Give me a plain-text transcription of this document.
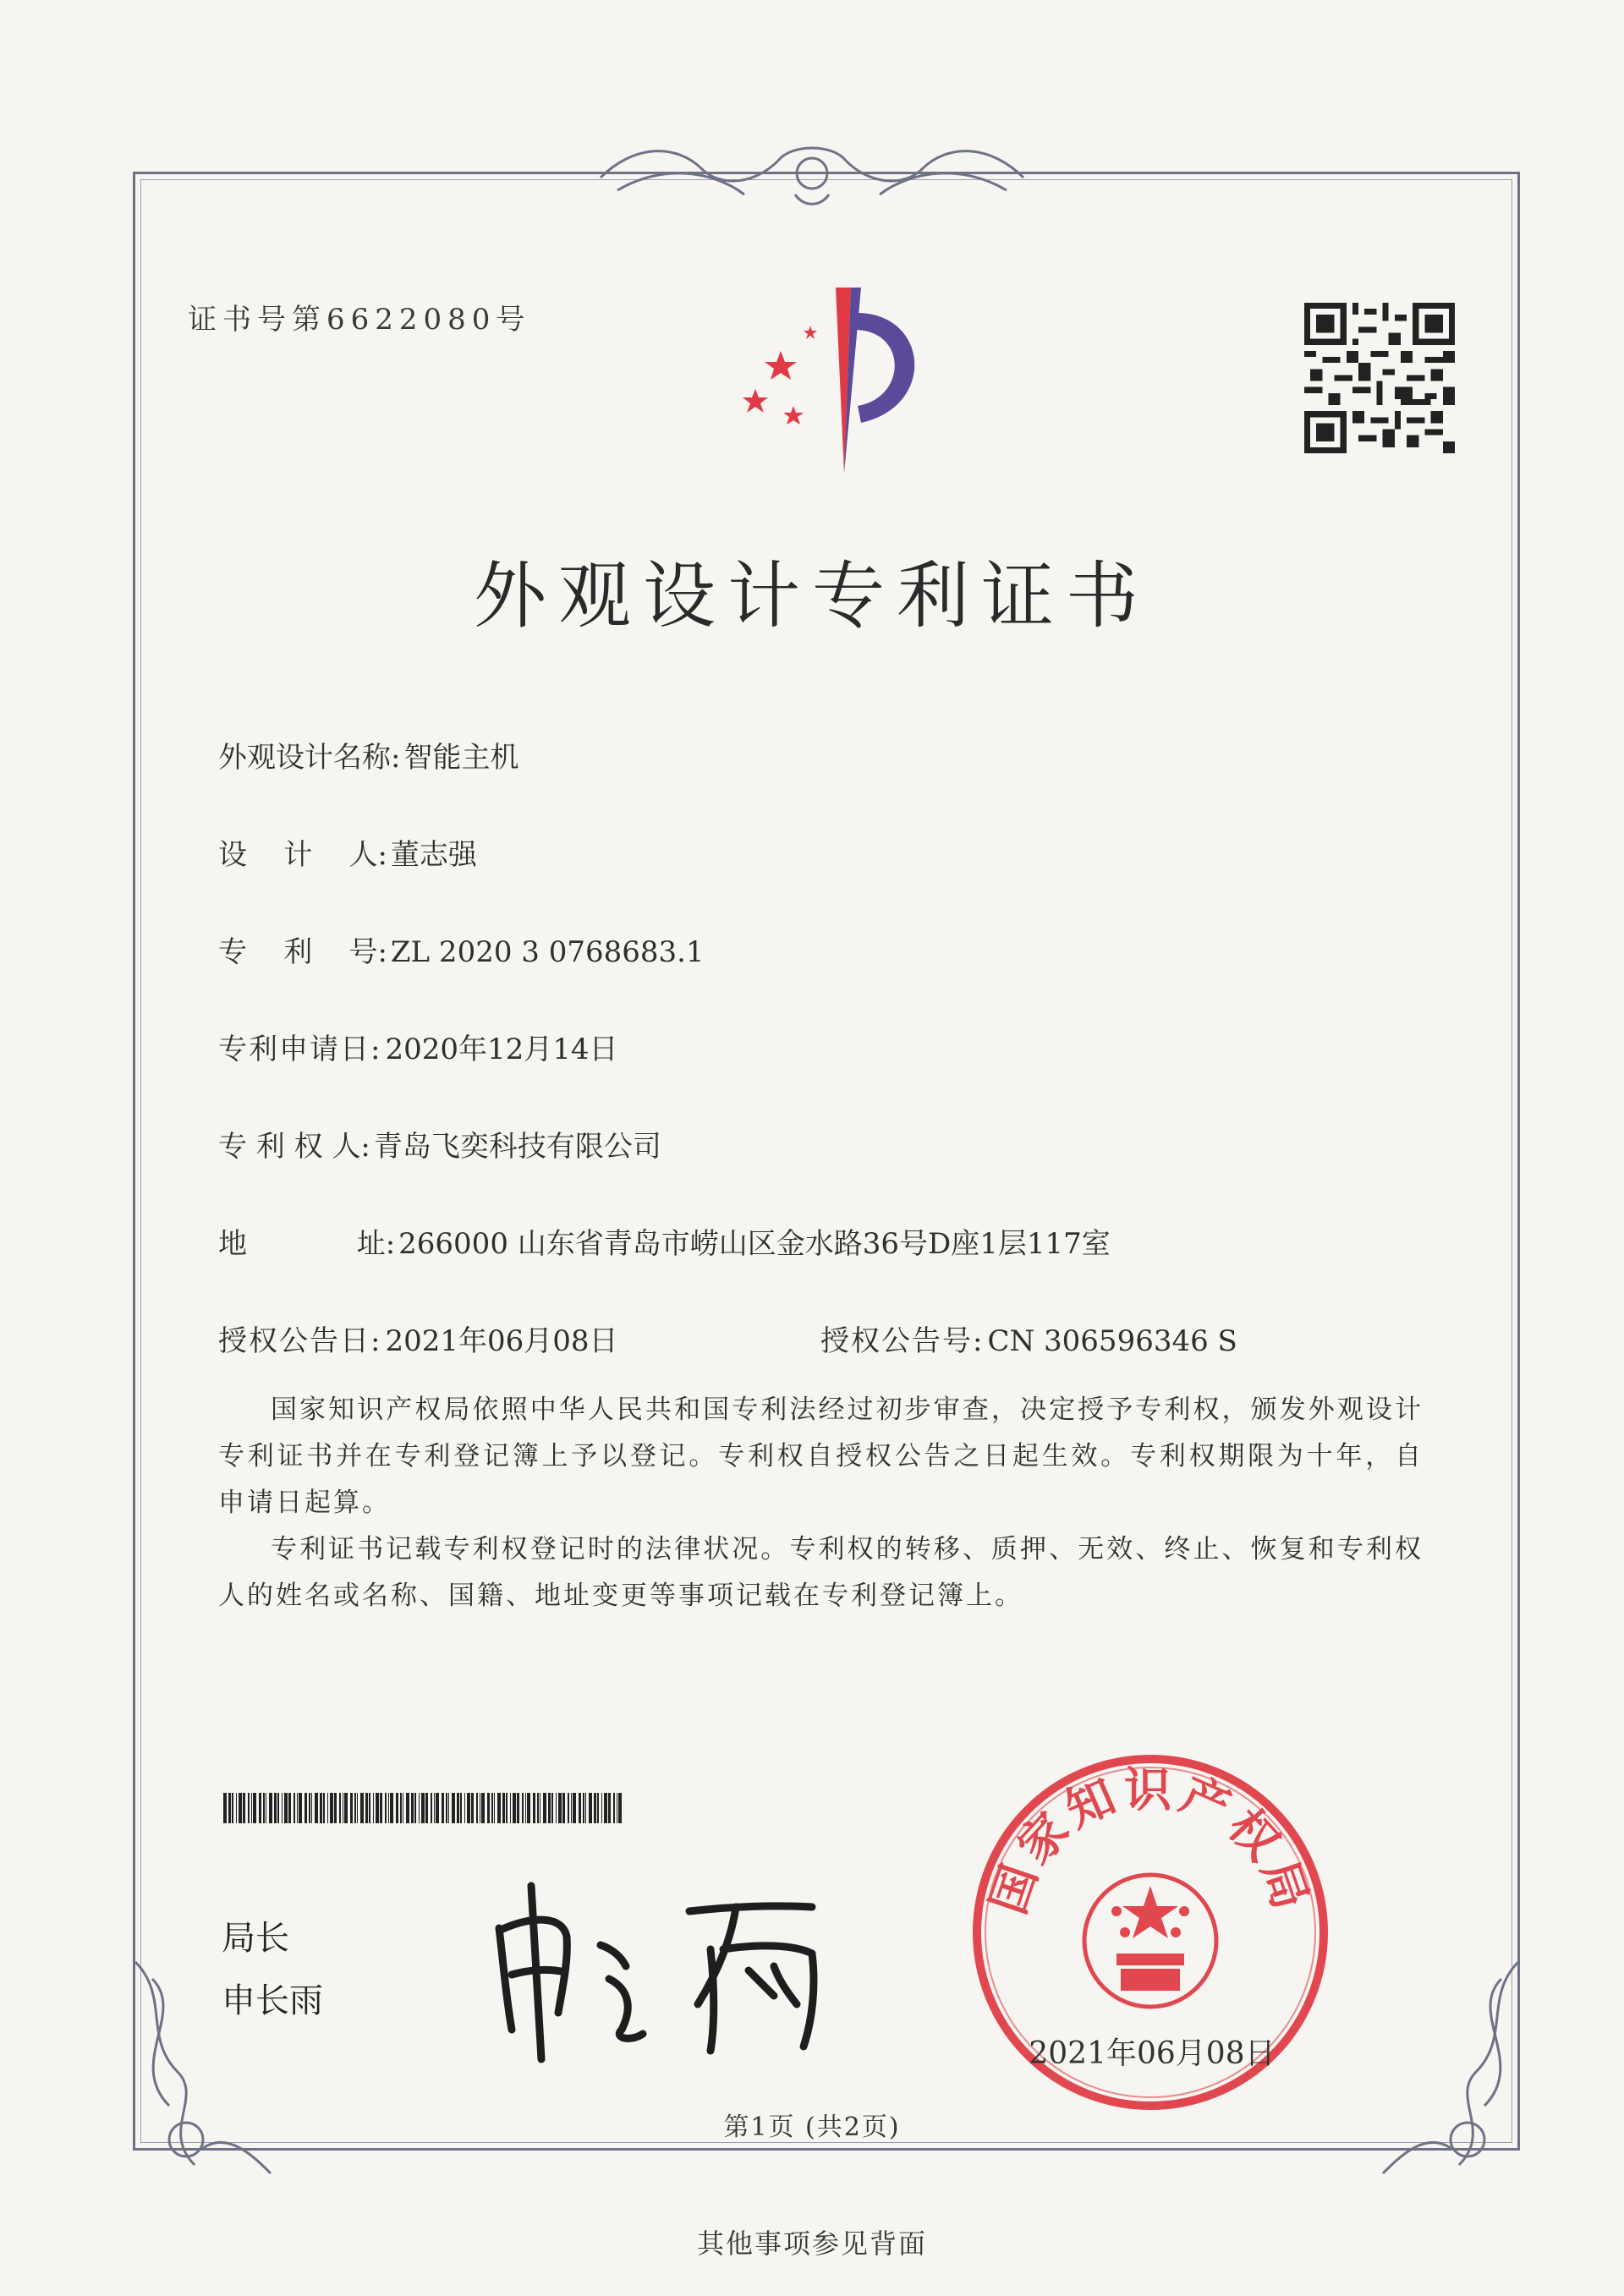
证书号第6622080号
外观设计专利证书
外观设计名称: 智能主机
设    计    人: 董志强
专    利    号: ZL 2020 3 0768683.1
专利申请日: 2020年12月14日
专 利 权 人: 青岛飞奕科技有限公司
地            址: 266000 山东省青岛市崂山区金水路36号D座1层117室
授权公告日: 2021年06月08日	授权公告号: CN 306596346 S

国家知识产权局依照中华人民共和国专利法经过初步审查，决定授予专利权，颁发外观设计专利证书并在专利登记簿上予以登记。专利权自授权公告之日起生效。专利权期限为十年，自申请日起算。

专利证书记载专利权登记时的法律状况。专利权的转移、质押、无效、终止、恢复和专利权人的姓名或名称、国籍、地址变更等事项记载在专利登记簿上。

局长
申长雨
国家知识产权局
2021年06月08日
第1页 (共2页)
其他事项参见背面
